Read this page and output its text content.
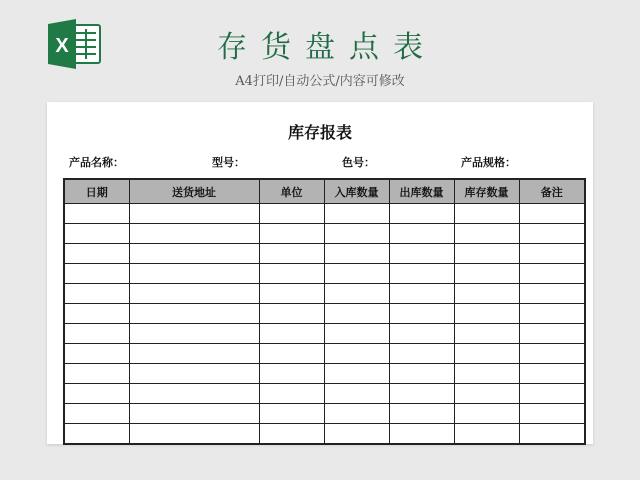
X	存货盘点表
A4打印/自动公式/内容可修改
库存报表
产品名称：	型号：	色号：	产品规格：
日期	送货地址	单位	入库数量	出库数量	库存数量	备注
